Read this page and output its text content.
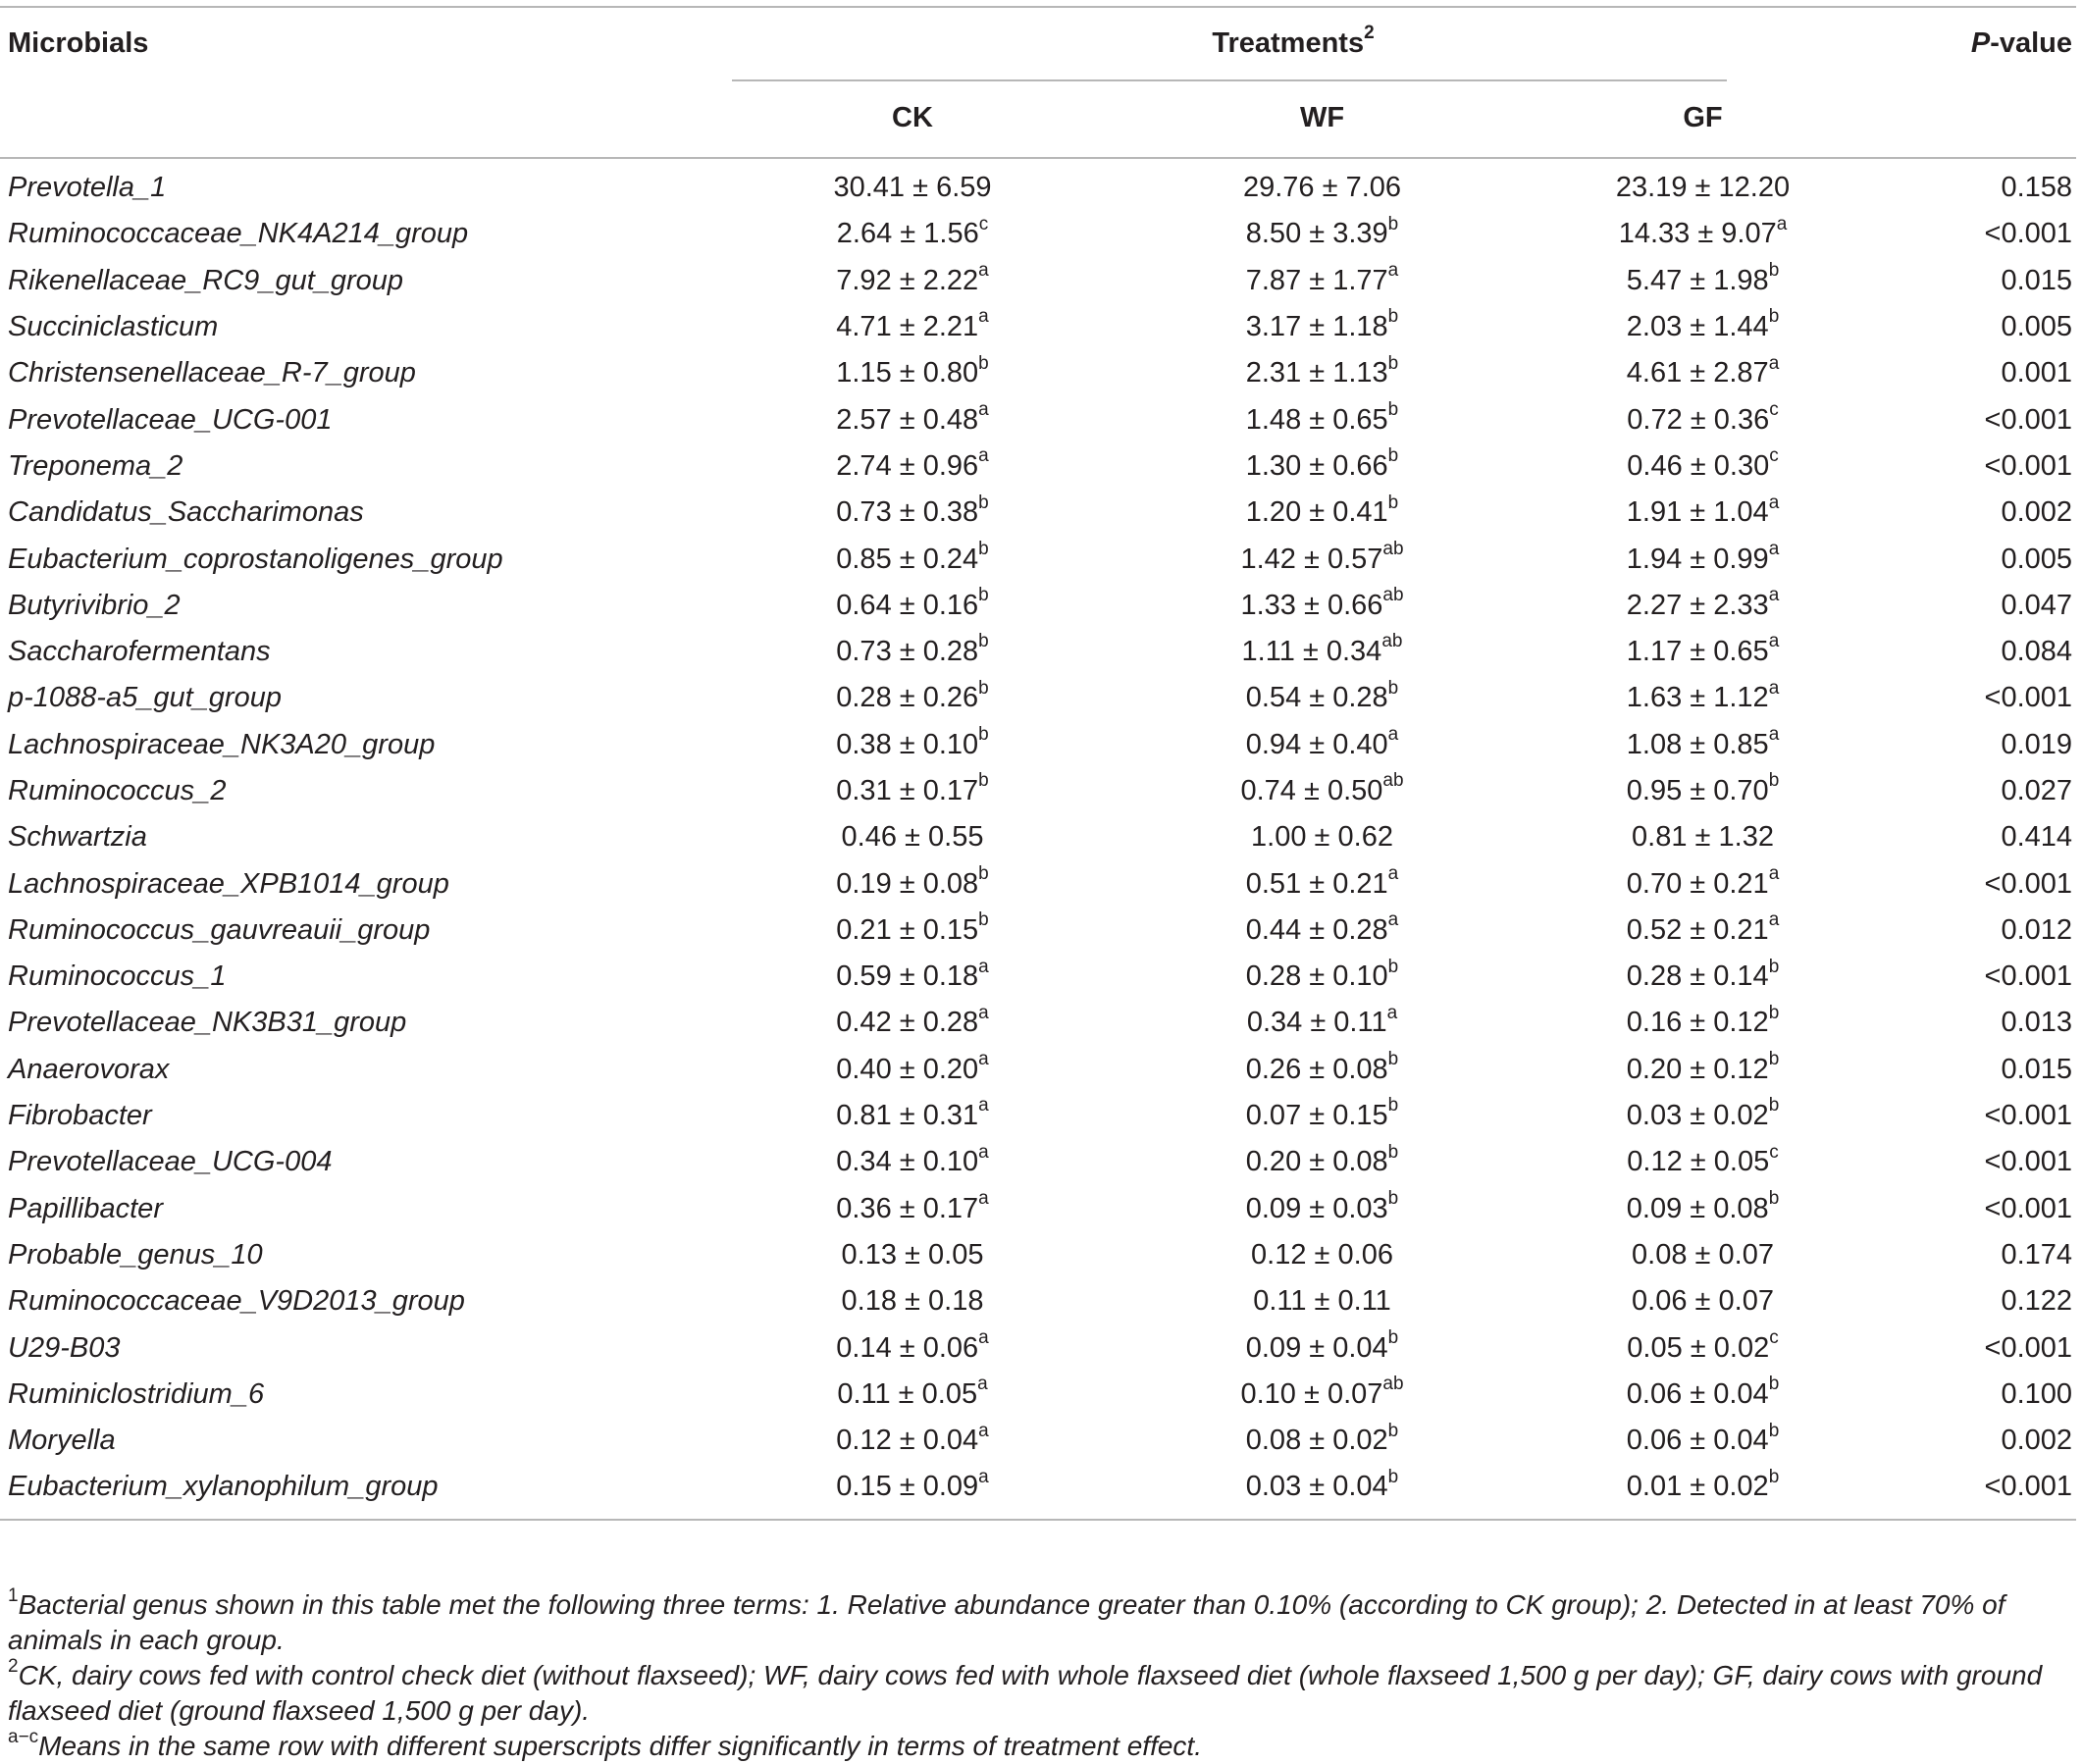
Microbials	Treatments$^2$			P-value
	CK	WF	GF	
Prevotella_1	30.41 ± 6.59	29.76 ± 7.06	23.19 ± 12.20	0.158
Ruminococcaceae_NK4A214_group	2.64 ± 1.56$^c$	8.50 ± 3.39$^b$	14.33 ± 9.07$^a$	<0.001
Rikenellaceae_RC9_gut_group	7.92 ± 2.22$^a$	7.87 ± 1.77$^a$	5.47 ± 1.98$^b$	0.015
Succiniclasticum	4.71 ± 2.21$^a$	3.17 ± 1.18$^b$	2.03 ± 1.44$^b$	0.005
Christensenellaceae_R-7_group	1.15 ± 0.80$^b$	2.31 ± 1.13$^b$	4.61 ± 2.87$^a$	0.001
Prevotellaceae_UCG-001	2.57 ± 0.48$^a$	1.48 ± 0.65$^b$	0.72 ± 0.36$^c$	<0.001
Treponema_2	2.74 ± 0.96$^a$	1.30 ± 0.66$^b$	0.46 ± 0.30$^c$	<0.001
Candidatus_Saccharimonas	0.73 ± 0.38$^b$	1.20 ± 0.41$^b$	1.91 ± 1.04$^a$	0.002
Eubacterium_coprostanoligenes_group	0.85 ± 0.24$^b$	1.42 ± 0.57$^{ab}$	1.94 ± 0.99$^a$	0.005
Butyrivibrio_2	0.64 ± 0.16$^b$	1.33 ± 0.66$^{ab}$	2.27 ± 2.33$^a$	0.047
Saccharofermentans	0.73 ± 0.28$^b$	1.11 ± 0.34$^{ab}$	1.17 ± 0.65$^a$	0.084
p-1088-a5_gut_group	0.28 ± 0.26$^b$	0.54 ± 0.28$^b$	1.63 ± 1.12$^a$	<0.001
Lachnospiraceae_NK3A20_group	0.38 ± 0.10$^b$	0.94 ± 0.40$^a$	1.08 ± 0.85$^a$	0.019
Ruminococcus_2	0.31 ± 0.17$^b$	0.74 ± 0.50$^{ab}$	0.95 ± 0.70$^b$	0.027
Schwartzia	0.46 ± 0.55	1.00 ± 0.62	0.81 ± 1.32	0.414
Lachnospiraceae_XPB1014_group	0.19 ± 0.08$^b$	0.51 ± 0.21$^a$	0.70 ± 0.21$^a$	<0.001
Ruminococcus_gauvreauii_group	0.21 ± 0.15$^b$	0.44 ± 0.28$^a$	0.52 ± 0.21$^a$	0.012
Ruminococcus_1	0.59 ± 0.18$^a$	0.28 ± 0.10$^b$	0.28 ± 0.14$^b$	<0.001
Prevotellaceae_NK3B31_group	0.42 ± 0.28$^a$	0.34 ± 0.11$^a$	0.16 ± 0.12$^b$	0.013
Anaerovorax	0.40 ± 0.20$^a$	0.26 ± 0.08$^b$	0.20 ± 0.12$^b$	0.015
Fibrobacter	0.81 ± 0.31$^a$	0.07 ± 0.15$^b$	0.03 ± 0.02$^b$	<0.001
Prevotellaceae_UCG-004	0.34 ± 0.10$^a$	0.20 ± 0.08$^b$	0.12 ± 0.05$^c$	<0.001
Papillibacter	0.36 ± 0.17$^a$	0.09 ± 0.03$^b$	0.09 ± 0.08$^b$	<0.001
Probable_genus_10	0.13 ± 0.05	0.12 ± 0.06	0.08 ± 0.07	0.174
Ruminococcaceae_V9D2013_group	0.18 ± 0.18	0.11 ± 0.11	0.06 ± 0.07	0.122
U29-B03	0.14 ± 0.06$^a$	0.09 ± 0.04$^b$	0.05 ± 0.02$^c$	<0.001
Ruminiclostridium_6	0.11 ± 0.05$^a$	0.10 ± 0.07$^{ab}$	0.06 ± 0.04$^b$	0.100
Moryella	0.12 ± 0.04$^a$	0.08 ± 0.02$^b$	0.06 ± 0.04$^b$	0.002
Eubacterium_xylanophilum_group	0.15 ± 0.09$^a$	0.03 ± 0.04$^b$	0.01 ± 0.02$^b$	<0.001

$^1$Bacterial genus shown in this table met the following three terms: 1. Relative abundance greater than 0.10% (according to CK group); 2. Detected in at least 70% of animals in each group.

$^2$CK, dairy cows fed with control check diet (without flaxseed); WF, dairy cows fed with whole flaxseed diet (whole flaxseed 1,500 g per day); GF, dairy cows with ground flaxseed diet (ground flaxseed 1,500 g per day).

$^{a-c}$Means in the same row with different superscripts differ significantly in terms of treatment effect.
